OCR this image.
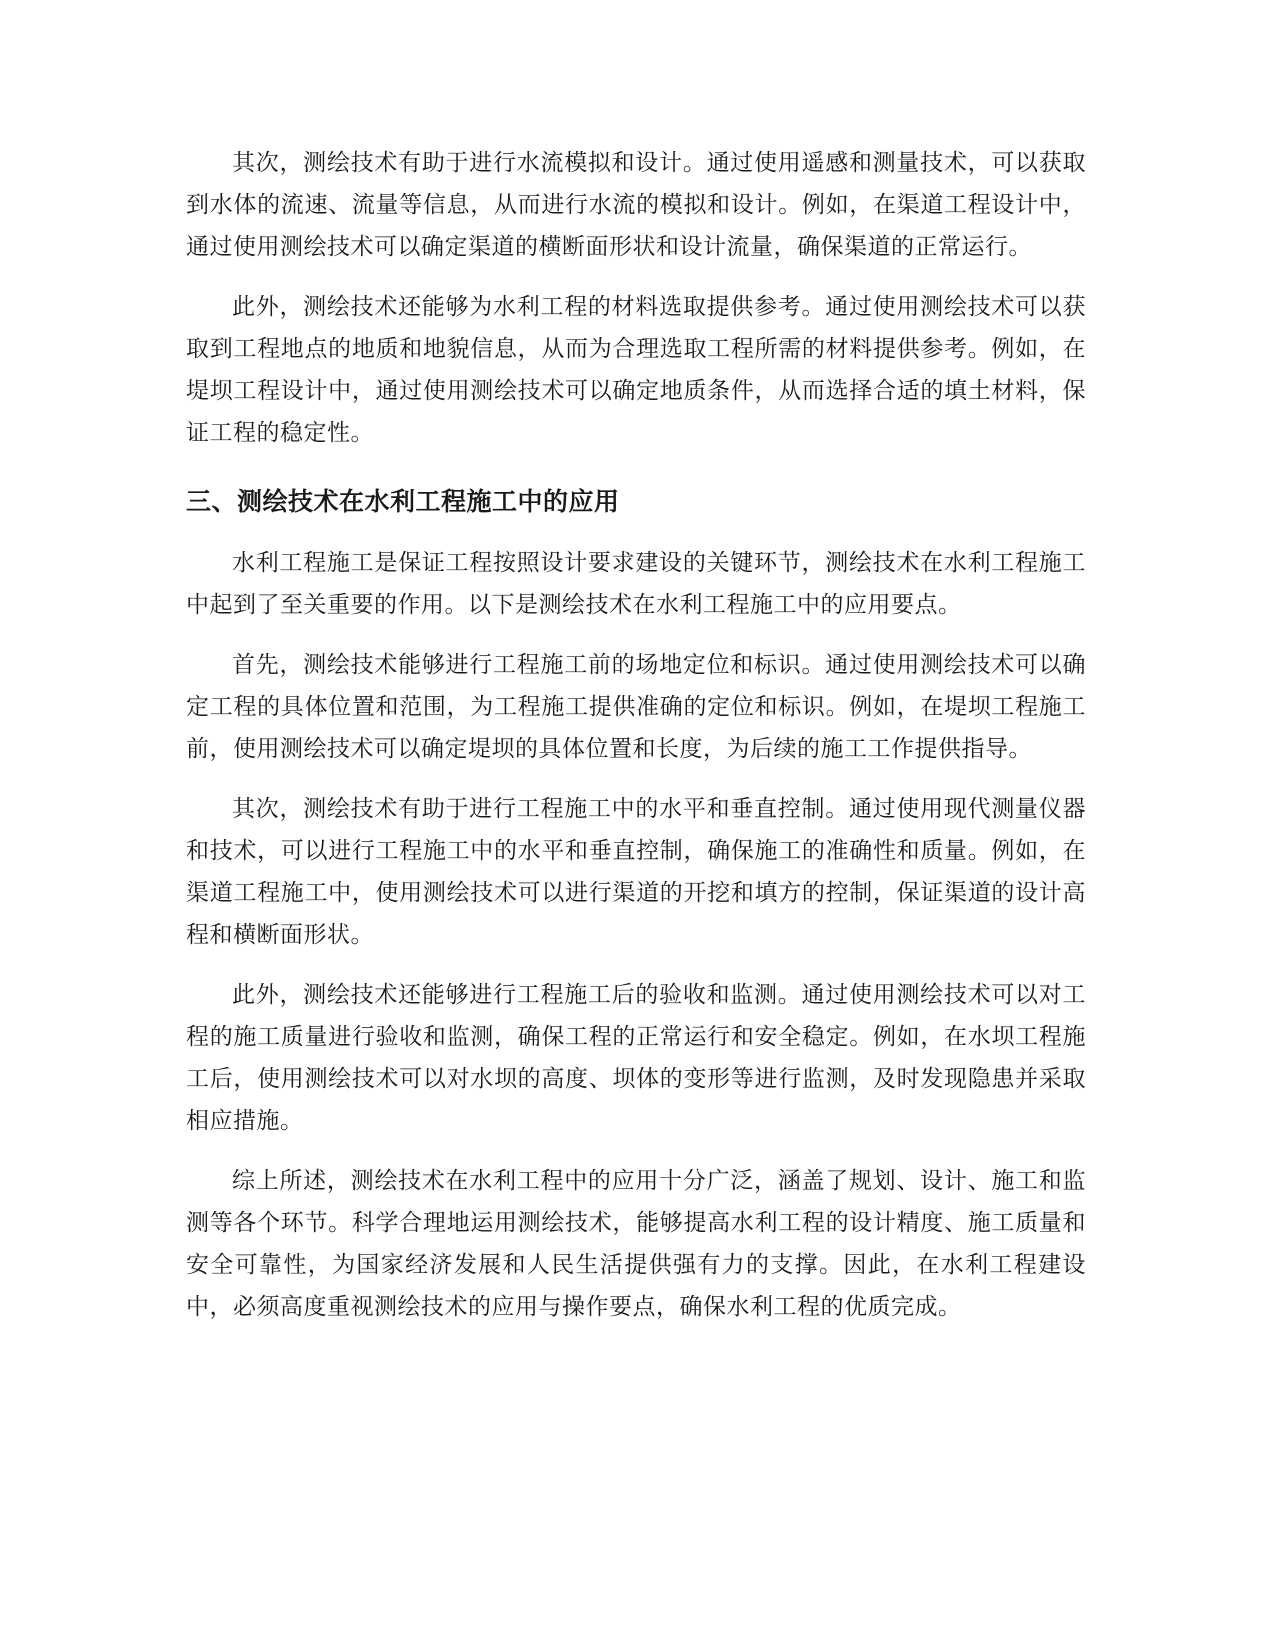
其次，测绘技术有助于进行水流模拟和设计。通过使用遥感和测量技术，可以获取到水体的流速、流量等信息，从而进行水流的模拟和设计。例如，在渠道工程设计中，通过使用测绘技术可以确定渠道的横断面形状和设计流量，确保渠道的正常运行。

此外，测绘技术还能够为水利工程的材料选取提供参考。通过使用测绘技术可以获取到工程地点的地质和地貌信息，从而为合理选取工程所需的材料提供参考。例如，在堤坝工程设计中，通过使用测绘技术可以确定地质条件，从而选择合适的填土材料，保证工程的稳定性。

三、测绘技术在水利工程施工中的应用

水利工程施工是保证工程按照设计要求建设的关键环节，测绘技术在水利工程施工中起到了至关重要的作用。以下是测绘技术在水利工程施工中的应用要点。

首先，测绘技术能够进行工程施工前的场地定位和标识。通过使用测绘技术可以确定工程的具体位置和范围，为工程施工提供准确的定位和标识。例如，在堤坝工程施工前，使用测绘技术可以确定堤坝的具体位置和长度，为后续的施工工作提供指导。

其次，测绘技术有助于进行工程施工中的水平和垂直控制。通过使用现代测量仪器和技术，可以进行工程施工中的水平和垂直控制，确保施工的准确性和质量。例如，在渠道工程施工中，使用测绘技术可以进行渠道的开挖和填方的控制，保证渠道的设计高程和横断面形状。

此外，测绘技术还能够进行工程施工后的验收和监测。通过使用测绘技术可以对工程的施工质量进行验收和监测，确保工程的正常运行和安全稳定。例如，在水坝工程施工后，使用测绘技术可以对水坝的高度、坝体的变形等进行监测，及时发现隐患并采取相应措施。

综上所述，测绘技术在水利工程中的应用十分广泛，涵盖了规划、设计、施工和监测等各个环节。科学合理地运用测绘技术，能够提高水利工程的设计精度、施工质量和安全可靠性，为国家经济发展和人民生活提供强有力的支撑。因此，在水利工程建设中，必须高度重视测绘技术的应用与操作要点，确保水利工程的优质完成。
